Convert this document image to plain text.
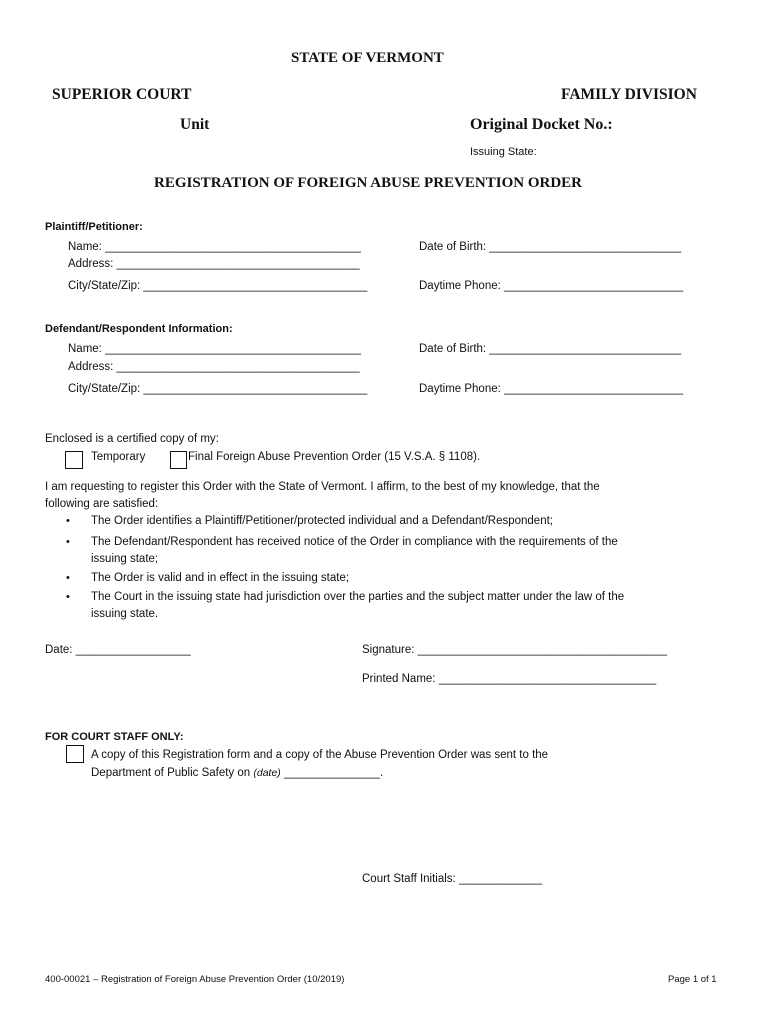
STATE OF VERMONT
SUPERIOR COURT	FAMILY DIVISION
Unit	Original Docket No.:
Issuing State:
REGISTRATION OF FOREIGN ABUSE PREVENTION ORDER
Plaintiff/Petitioner:
Name: ________________________________________	Date of Birth: ______________________________
Address: ______________________________________
City/State/Zip: ___________________________________	Daytime Phone: ____________________________
Defendant/Respondent Information:
Name: ________________________________________	Date of Birth: ______________________________
Address: ______________________________________
City/State/Zip: ___________________________________	Daytime Phone: ____________________________
Enclosed is a certified copy of my:
Temporary	Final Foreign Abuse Prevention Order (15 V.S.A. § 1108).
I am requesting to register this Order with the State of Vermont. I affirm, to the best of my knowledge, that the
following are satisfied:
• The Order identifies a Plaintiff/Petitioner/protected individual and a Defendant/Respondent;
• The Defendant/Respondent has received notice of the Order in compliance with the requirements of the
issuing state;
• The Order is valid and in effect in the issuing state;
• The Court in the issuing state had jurisdiction over the parties and the subject matter under the law of the
issuing state.
Date: __________________	Signature: _______________________________________
Printed Name: __________________________________
FOR COURT STAFF ONLY:
A copy of this Registration form and a copy of the Abuse Prevention Order was sent to the
Department of Public Safety on (date) _______________.
Court Staff Initials: _____________
400-00021 – Registration of Foreign Abuse Prevention Order (10/2019)	Page 1 of 1
